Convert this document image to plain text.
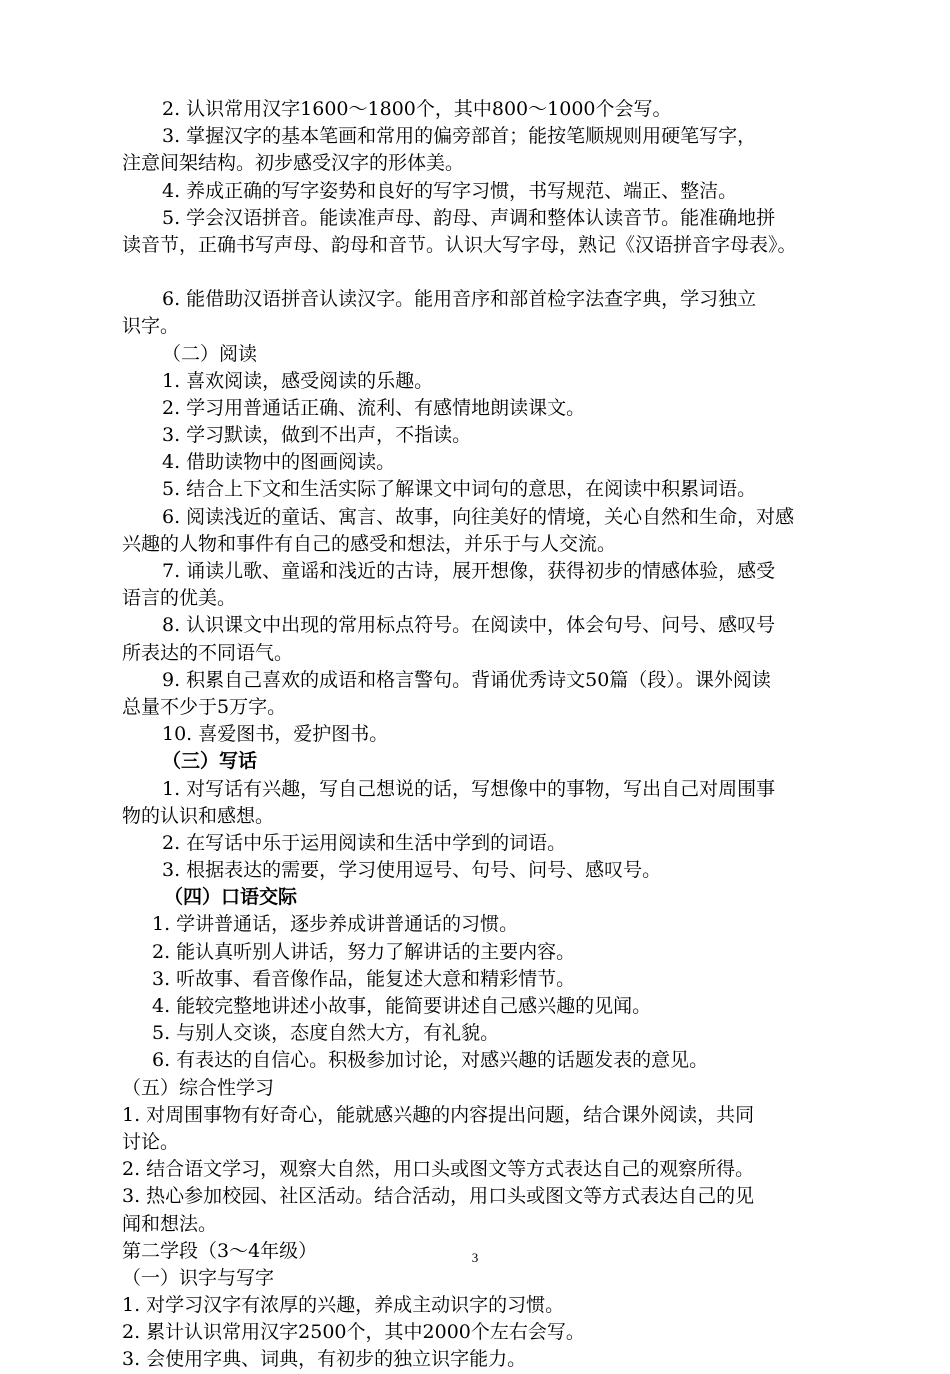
2. 认识常用汉字1600～1800个，其中800～1000个会写。
3. 掌握汉字的基本笔画和常用的偏旁部首；能按笔顺规则用硬笔写字，
注意间架结构。初步感受汉字的形体美。
4. 养成正确的写字姿势和良好的写字习惯，书写规范、端正、整洁。
5. 学会汉语拼音。能读准声母、韵母、声调和整体认读音节。能准确地拼
读音节，正确书写声母、韵母和音节。认识大写字母，熟记《汉语拼音字母表》。
6. 能借助汉语拼音认读汉字。能用音序和部首检字法查字典，学习独立
识字。
（二）阅读
1. 喜欢阅读，感受阅读的乐趣。
2. 学习用普通话正确、流利、有感情地朗读课文。
3. 学习默读，做到不出声，不指读。
4. 借助读物中的图画阅读。
5. 结合上下文和生活实际了解课文中词句的意思，在阅读中积累词语。
6. 阅读浅近的童话、寓言、故事，向往美好的情境，关心自然和生命，对感
兴趣的人物和事件有自己的感受和想法，并乐于与人交流。
7. 诵读儿歌、童谣和浅近的古诗，展开想像，获得初步的情感体验，感受
语言的优美。
8. 认识课文中出现的常用标点符号。在阅读中，体会句号、问号、感叹号
所表达的不同语气。
9. 积累自己喜欢的成语和格言警句。背诵优秀诗文50篇（段）。课外阅读
总量不少于5万字。
10. 喜爱图书，爱护图书。
（三）写话
1. 对写话有兴趣，写自己想说的话，写想像中的事物，写出自己对周围事
物的认识和感想。
2. 在写话中乐于运用阅读和生活中学到的词语。
3. 根据表达的需要，学习使用逗号、句号、问号、感叹号。
（四）口语交际
1. 学讲普通话，逐步养成讲普通话的习惯。
2. 能认真听别人讲话，努力了解讲话的主要内容。
3. 听故事、看音像作品，能复述大意和精彩情节。
4. 能较完整地讲述小故事，能简要讲述自己感兴趣的见闻。
5. 与别人交谈，态度自然大方，有礼貌。
6. 有表达的自信心。积极参加讨论，对感兴趣的话题发表的意见。
（五）综合性学习
1. 对周围事物有好奇心，能就感兴趣的内容提出问题，结合课外阅读，共同
讨论。
2. 结合语文学习，观察大自然，用口头或图文等方式表达自己的观察所得。
3. 热心参加校园、社区活动。结合活动，用口头或图文等方式表达自己的见
闻和想法。
第二学段（3～4年级）
（一）识字与写字
1. 对学习汉字有浓厚的兴趣，养成主动识字的习惯。
2. 累计认识常用汉字2500个，其中2000个左右会写。
3. 会使用字典、词典，有初步的独立识字能力。
3
